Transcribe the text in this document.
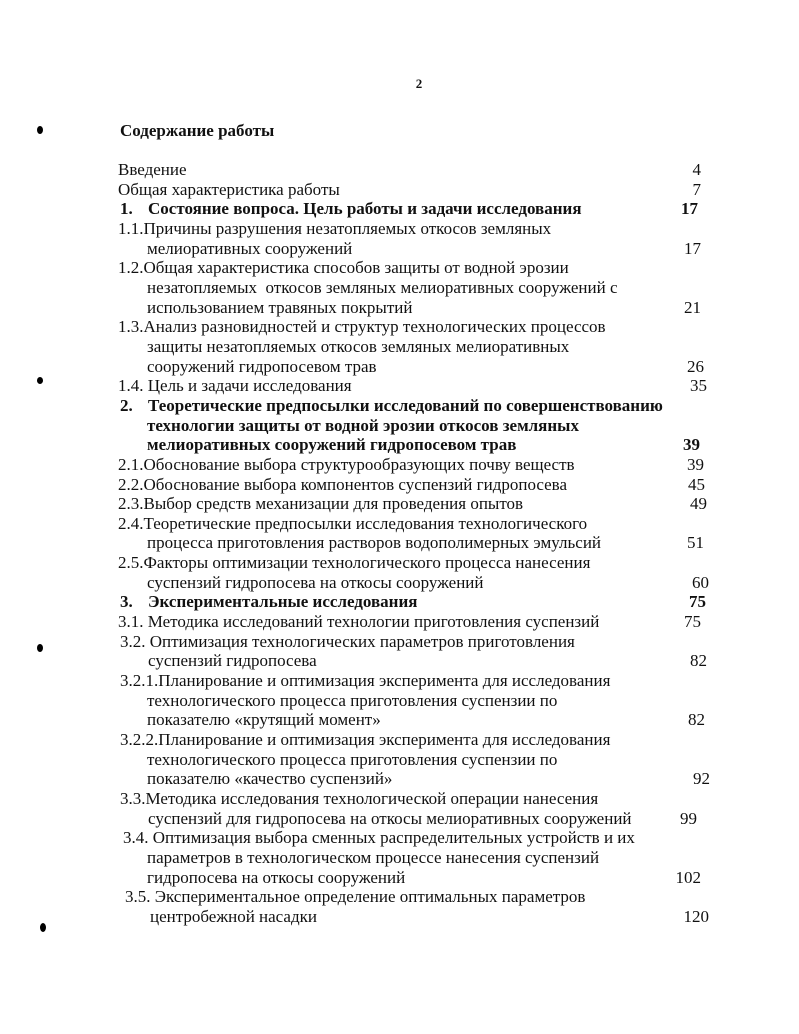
2
Содержание работы
Введение	4
Общая характеристика работы	7
1. Состояние вопроса. Цель работы и задачи исследования	17
1.1.Причины разрушения незатопляемых откосов земляных
мелиоративных сооружений	17
1.2.Общая характеристика способов защиты от водной эрозии
незатопляемых  откосов земляных мелиоративных сооружений с
использованием травяных покрытий	21
1.3.Анализ разновидностей и структур технологических процессов
защиты незатопляемых откосов земляных мелиоративных
сооружений гидропосевом трав	26
1.4. Цель и задачи исследования	35
2. Теоретические предпосылки исследований по совершенствованию
технологии защиты от водной эрозии откосов земляных
мелиоративных сооружений гидропосевом трав	39
2.1.Обоснование выбора структурообразующих почву веществ	39
2.2.Обоснование выбора компонентов суспензий гидропосева	45
2.3.Выбор средств механизации для проведения опытов	49
2.4.Теоретические предпосылки исследования технологического
процесса приготовления растворов водополимерных эмульсий	51
2.5.Факторы оптимизации технологического процесса нанесения
суспензий гидропосева на откосы сооружений	60
3. Экспериментальные исследования	75
3.1. Методика исследований технологии приготовления суспензий	75
3.2. Оптимизация технологических параметров приготовления
суспензий гидропосева	82
3.2.1.Планирование и оптимизация эксперимента для исследования
технологического процесса приготовления суспензии по
показателю «крутящий момент»	82
3.2.2.Планирование и оптимизация эксперимента для исследования
технологического процесса приготовления суспензии по
показателю «качество суспензий»	92
3.3.Методика исследования технологической операции нанесения
суспензий для гидропосева на откосы мелиоративных сооружений	99
3.4. Оптимизация выбора сменных распределительных устройств и их
параметров в технологическом процессе нанесения суспензий
гидропосева на откосы сооружений	102
3.5. Экспериментальное определение оптимальных параметров
центробежной насадки	120
